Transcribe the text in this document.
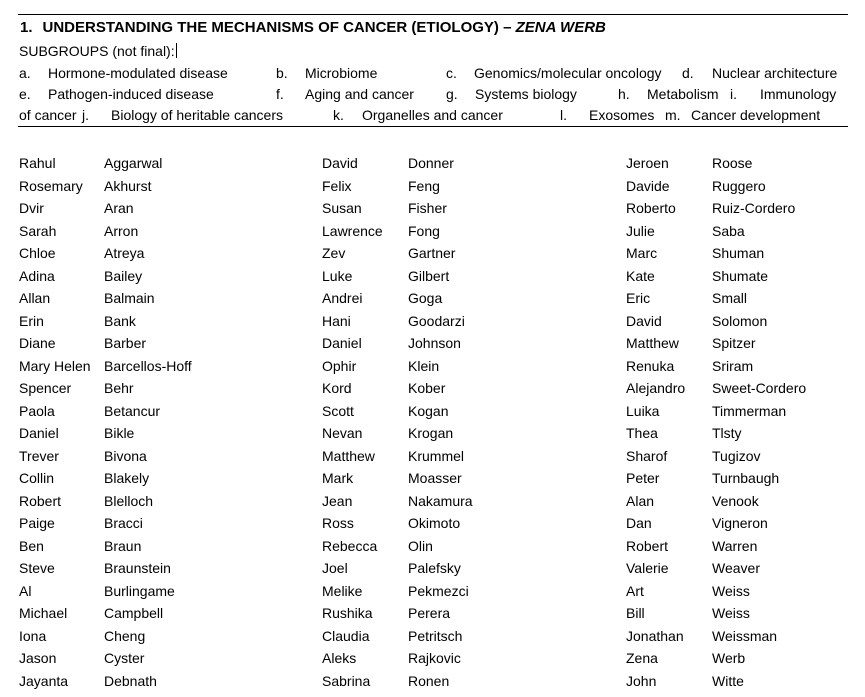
1. UNDERSTANDING THE MECHANISMS OF CANCER (ETIOLOGY) – ZENA WERB
SUBGROUPS (not final):
a. Hormone-modulated disease	b. Microbiome	c. Genomics/molecular oncology d. Nuclear architecture
e. Pathogen-induced disease	f. Aging and cancer g. Systems biology	h. Metabolism i. Immunology
of cancer j. Biology of heritable cancers	k. Organelles and cancer	l. Exosomes m. Cancer development
Rahul	Aggarwal
Rosemary Akhurst
Dvir	Aran
Sarah	Arron
Chloe	Atreya
Adina	Bailey
Allan	Balmain
Erin	Bank
Diane	Barber
Mary Helen Barcellos-Hoff
Spencer Behr
Paola	Betancur
Daniel	Bikle
Trever	Bivona
Collin	Blakely
Robert	Blelloch
Paige	Bracci
Ben	Braun
Steve	Braunstein
Al	Burlingame
Michael	Campbell
Iona	Cheng
Jason	Cyster
Jayanta	Debnath
David	Donner
Felix	Feng
Susan	Fisher
Lawrence Fong
Zev	Gartner
Luke	Gilbert
Andrei	Goga
Hani	Goodarzi
Daniel	Johnson
Ophir	Klein
Kord	Kober
Scott	Kogan
Nevan	Krogan
Matthew Krummel
Mark	Moasser
Jean	Nakamura
Ross	Okimoto
Rebecca Olin
Joel	Palefsky
Melike	Pekmezci
Rushika	Perera
Claudia	Petritsch
Aleks	Rajkovic
Sabrina	Ronen
Jeroen	Roose
Davide	Ruggero
Roberto	Ruiz-Cordero
Julie	Saba
Marc	Shuman
Kate	Shumate
Eric	Small
David	Solomon
Matthew Spitzer
Renuka	Sriram
Alejandro Sweet-Cordero
Luika	Timmerman
Thea	Tlsty
Sharof	Tugizov
Peter	Turnbaugh
Alan	Venook
Dan	Vigneron
Robert	Warren
Valerie	Weaver
Art	Weiss
Bill	Weiss
Jonathan Weissman
Zena	Werb
John	Witte
